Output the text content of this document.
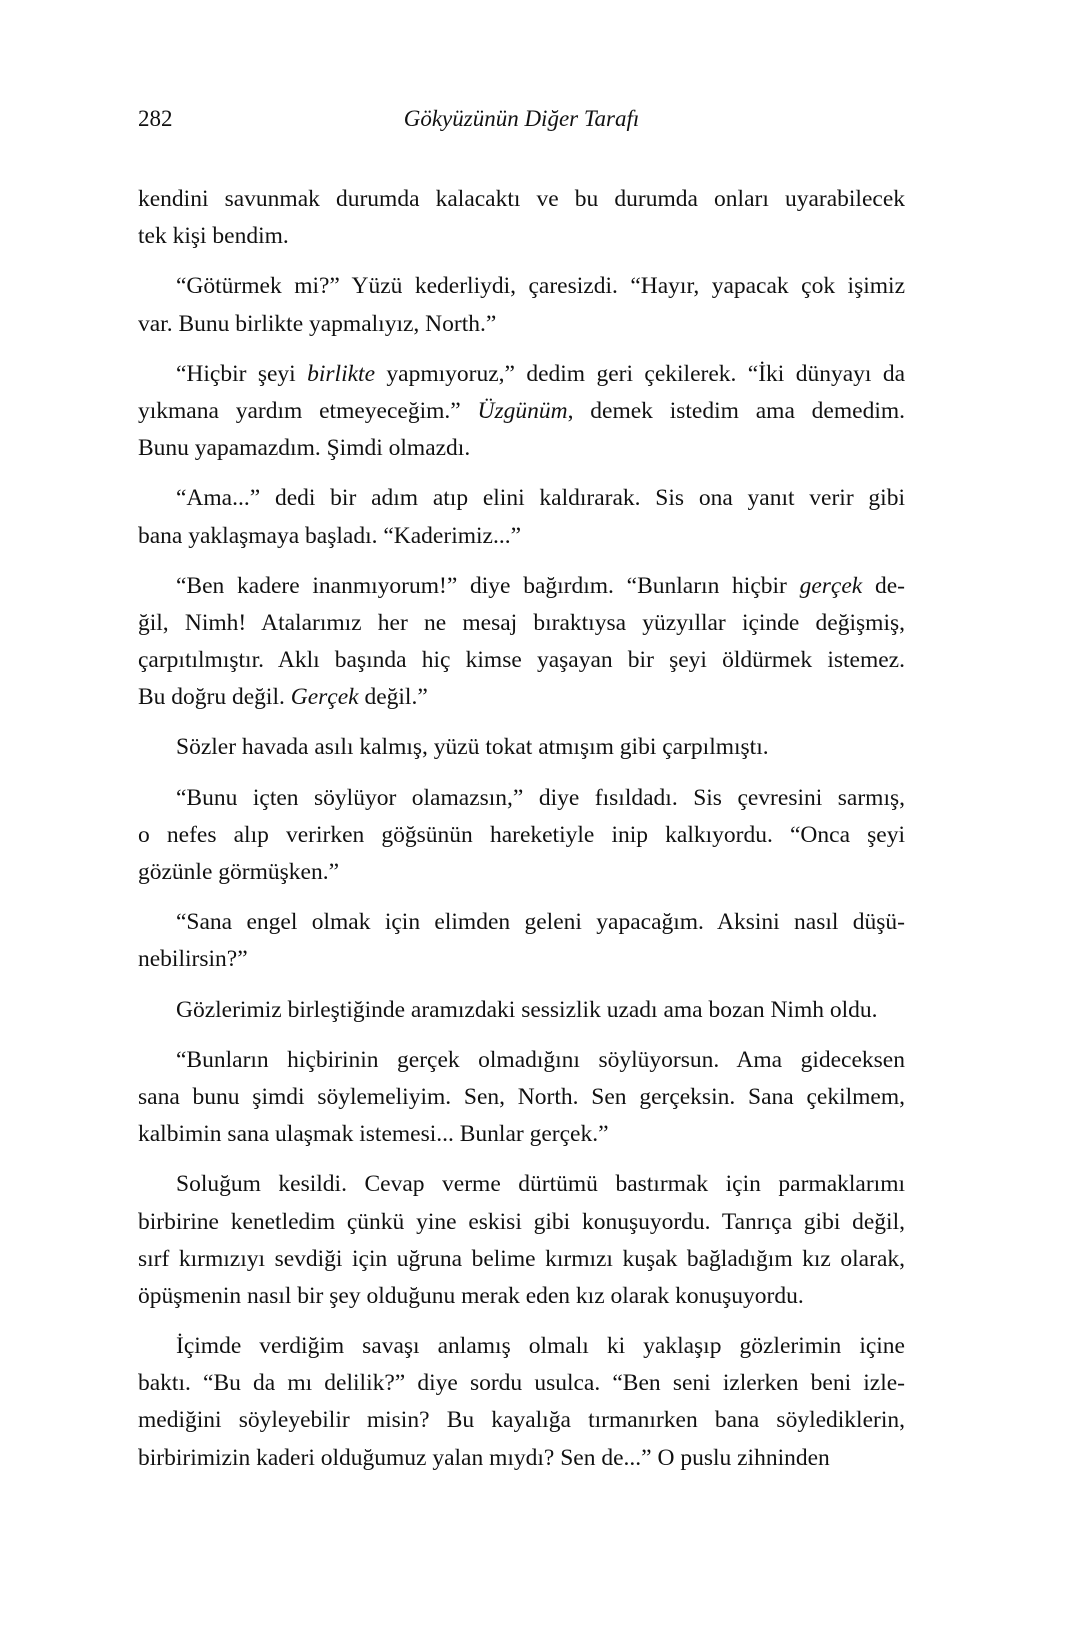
282	Gökyüzünün Diğer Tarafı
kendini savunmak durumda kalacaktı ve bu durumda onları uyarabilecek
tek kişi bendim.
“Götürmek mi?” Yüzü kederliydi, çaresizdi. “Hayır, yapacak çok işimiz
var. Bunu birlikte yapmalıyız, North.”
“Hiçbir şeyi birlikte yapmıyoruz,” dedim geri çekilerek. “İki dünyayı da
yıkmana yardım etmeyeceğim.” Üzgünüm, demek istedim ama demedim.
Bunu yapamazdım. Şimdi olmazdı.
“Ama...” dedi bir adım atıp elini kaldırarak. Sis ona yanıt verir gibi
bana yaklaşmaya başladı. “Kaderimiz...”
“Ben kadere inanmıyorum!” diye bağırdım. “Bunların hiçbir gerçek de-
ğil, Nimh! Atalarımız her ne mesaj bıraktıysa yüzyıllar içinde değişmiş,
çarpıtılmıştır. Aklı başında hiç kimse yaşayan bir şeyi öldürmek istemez.
Bu doğru değil. Gerçek değil.”
Sözler havada asılı kalmış, yüzü tokat atmışım gibi çarpılmıştı.
“Bunu içten söylüyor olamazsın,” diye fısıldadı. Sis çevresini sarmış,
o nefes alıp verirken göğsünün hareketiyle inip kalkıyordu. “Onca şeyi
gözünle görmüşken.”
“Sana engel olmak için elimden geleni yapacağım. Aksini nasıl düşü-
nebilirsin?”
Gözlerimiz birleştiğinde aramızdaki sessizlik uzadı ama bozan Nimh oldu.
“Bunların hiçbirinin gerçek olmadığını söylüyorsun. Ama gideceksen
sana bunu şimdi söylemeliyim. Sen, North. Sen gerçeksin. Sana çekilmem,
kalbimin sana ulaşmak istemesi... Bunlar gerçek.”
Soluğum kesildi. Cevap verme dürtümü bastırmak için parmaklarımı
birbirine kenetledim çünkü yine eskisi gibi konuşuyordu. Tanrıça gibi değil,
sırf kırmızıyı sevdiği için uğruna belime kırmızı kuşak bağladığım kız olarak,
öpüşmenin nasıl bir şey olduğunu merak eden kız olarak konuşuyordu.
İçimde verdiğim savaşı anlamış olmalı ki yaklaşıp gözlerimin içine
baktı. “Bu da mı delilik?” diye sordu usulca. “Ben seni izlerken beni izle-
mediğini söyleyebilir misin? Bu kayalığa tırmanırken bana söylediklerin,
birbirimizin kaderi olduğumuz yalan mıydı? Sen de...” O puslu zihninden
